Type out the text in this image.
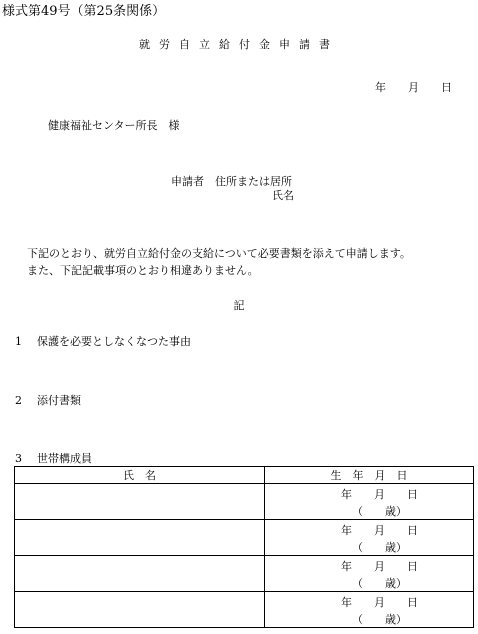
様式第49号（第25条関係）
就労自立給付金申請書
年 月 日
健康福祉センター所長　様
申請者 住所または居所
氏名
下記のとおり、就労自立給付金の支給について必要書類を添えて申請します。
また、下記記載事項のとおり相違ありません。
記
1 保護を必要としなくなつた事由
2 添付書類
3 世帯構成員
氏　名	生　年　月　日

	年　　月　　日
（　　歳）

	年　　月　　日
（　　歳）

	年　　月　　日
（　　歳）

	年　　月　　日
（　　歳）
